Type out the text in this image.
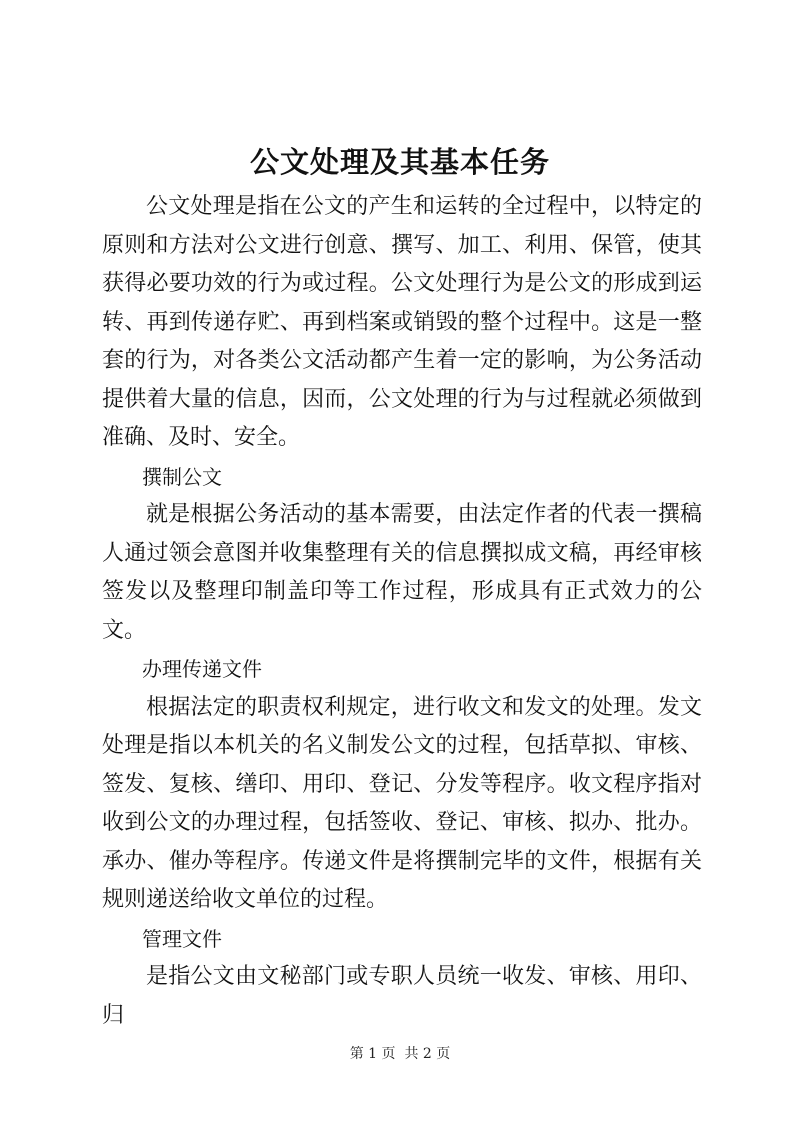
公文处理及其基本任务

公文处理是指在公文的产生和运转的全过程中，以特定的原则和方法对公文进行创意、撰写、加工、利用、保管，使其获得必要功效的行为或过程。公文处理行为是公文的形成到运转、再到传递存贮、再到档案或销毁的整个过程中。这是一整套的行为，对各类公文活动都产生着一定的影响，为公务活动提供着大量的信息，因而，公文处理的行为与过程就必须做到准确、及时、安全。

撰制公文

就是根据公务活动的基本需要，由法定作者的代表一撰稿人通过领会意图并收集整理有关的信息撰拟成文稿，再经审核签发以及整理印制盖印等工作过程，形成具有正式效力的公文。

办理传递文件

根据法定的职责权利规定，进行收文和发文的处理。发文处理是指以本机关的名义制发公文的过程，包括草拟、审核、签发、复核、缮印、用印、登记、分发等程序。收文程序指对收到公文的办理过程，包括签收、登记、审核、拟办、批办。承办、催办等程序。传递文件是将撰制完毕的文件，根据有关规则递送给收文单位的过程。

管理文件

是指公文由文秘部门或专职人员统一收发、审核、用印、归

第 1 页  共 2 页
